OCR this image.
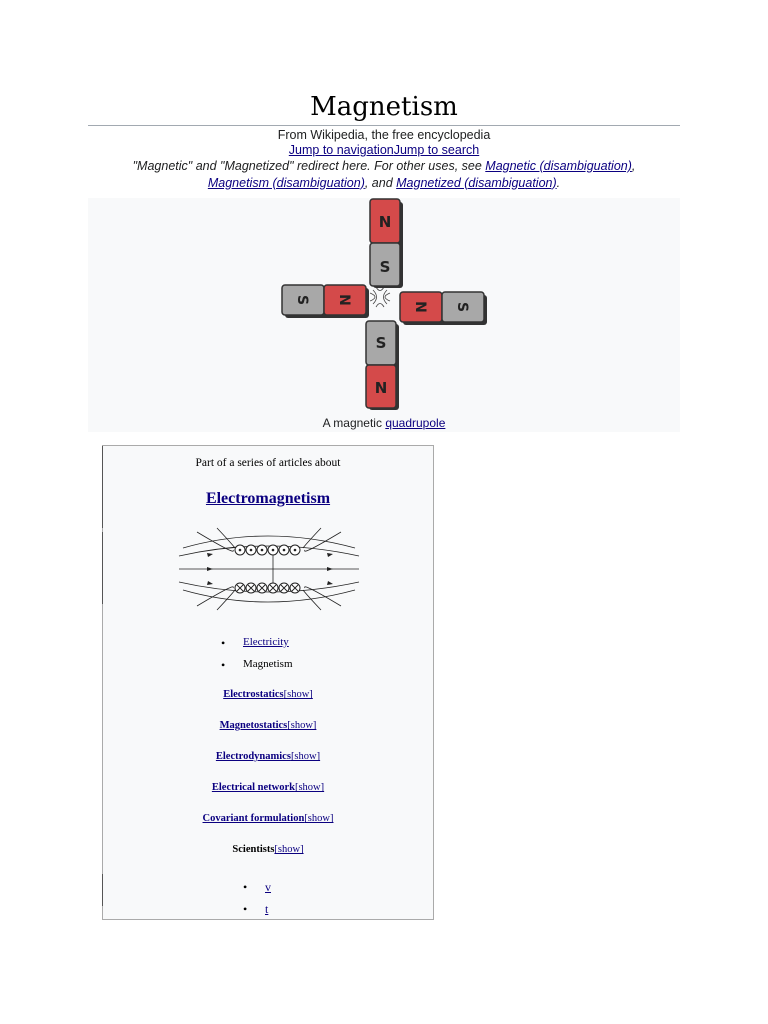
Magnetism
From Wikipedia, the free encyclopedia
Jump to navigationJump to search
"Magnetic" and "Magnetized" redirect here. For other uses, see Magnetic (disambiguation), Magnetism (disambiguation), and Magnetized (disambiguation).
N
S
S
N
S N
N S
A magnetic quadrupole
Part of a series of articles about
Electromagnetism
• Electricity
• Magnetism
Electrostatics[show]
Magnetostatics[show]
Electrodynamics[show]
Electrical network[show]
Covariant formulation[show]
Scientists[show]
• v
• t
